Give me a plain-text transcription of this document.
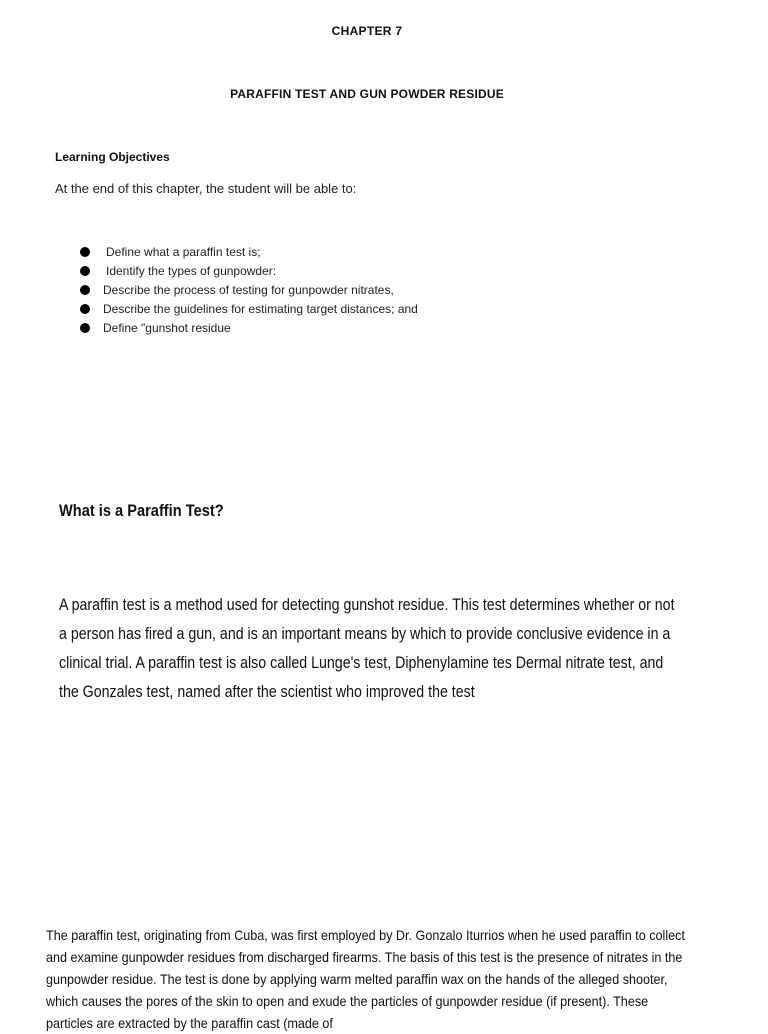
CHAPTER 7
PARAFFIN TEST AND GUN POWDER RESIDUE
Learning Objectives
At the end of this chapter, the student will be able to:
Define what a paraffin test is;
Identify the types of gunpowder:
Describe the process of testing for gunpowder nitrates,
Describe the guidelines for estimating target distances; and
Define "gunshot residue
What is a Paraffin Test?

A paraffin test is a method used for detecting gunshot residue. This test determines whether or not a person has fired a gun, and is an important means by which to provide conclusive evidence in a clinical trial. A paraffin test is also called Lunge's test, Diphenylamine tes Dermal nitrate test, and the Gonzales test, named after the scientist who improved the test

The paraffin test, originating from Cuba, was first employed by Dr. Gonzalo Iturrios when he used paraffin to collect and examine gunpowder residues from discharged firearms. The basis of this test is the presence of nitrates in the gunpowder residue. The test is done by applying warm melted paraffin wax on the hands of the alleged shooter, which causes the pores of the skin to open and exude the particles of gunpowder residue (if present). These particles are extracted by the paraffin cast (made of
